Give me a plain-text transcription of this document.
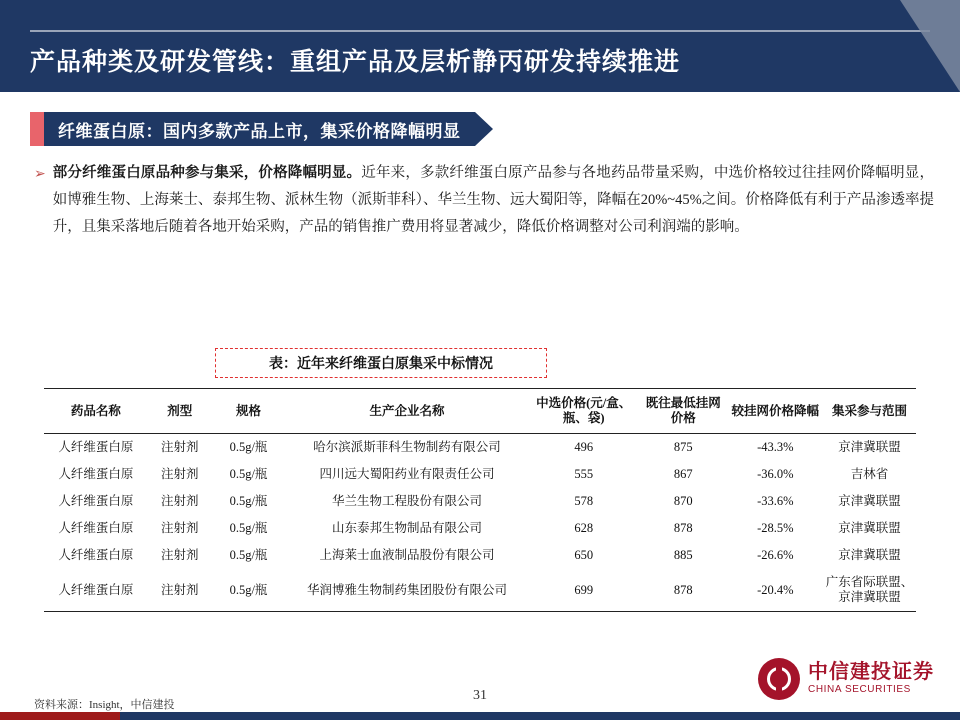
产品种类及研发管线：重组产品及层析静丙研发持续推进
纤维蛋白原：国内多款产品上市，集采价格降幅明显
➢ 部分纤维蛋白原品种参与集采，价格降幅明显。近年来，多款纤维蛋白原产品参与各地药品带量采购，中选价格较过往挂网价降幅明显，如博雅生物、上海莱士、泰邦生物、派林生物（派斯菲科）、华兰生物、远大蜀阳等，降幅在20%~45%之间。价格降低有利于产品渗透率提升，且集采落地后随着各地开始采购，产品的销售推广费用将显著减少，降低价格调整对公司利润端的影响。
表：近年来纤维蛋白原集采中标情况
药品名称	剂型	规格	生产企业名称	中选价格(元/盒、瓶、袋)	既往最低挂网价格	较挂网价格降幅	集采参与范围
人纤维蛋白原	注射剂	0.5g/瓶	哈尔滨派斯菲科生物制药有限公司	496	875	-43.3%	京津冀联盟
人纤维蛋白原	注射剂	0.5g/瓶	四川远大蜀阳药业有限责任公司	555	867	-36.0%	吉林省
人纤维蛋白原	注射剂	0.5g/瓶	华兰生物工程股份有限公司	578	870	-33.6%	京津冀联盟
人纤维蛋白原	注射剂	0.5g/瓶	山东泰邦生物制品有限公司	628	878	-28.5%	京津冀联盟
人纤维蛋白原	注射剂	0.5g/瓶	上海莱士血液制品股份有限公司	650	885	-26.6%	京津冀联盟
人纤维蛋白原	注射剂	0.5g/瓶	华润博雅生物制药集团股份有限公司	699	878	-20.4%	广东省际联盟、京津冀联盟
资料来源：Insight，中信建投
31
中信建投证券
CHINA SECURITIES
